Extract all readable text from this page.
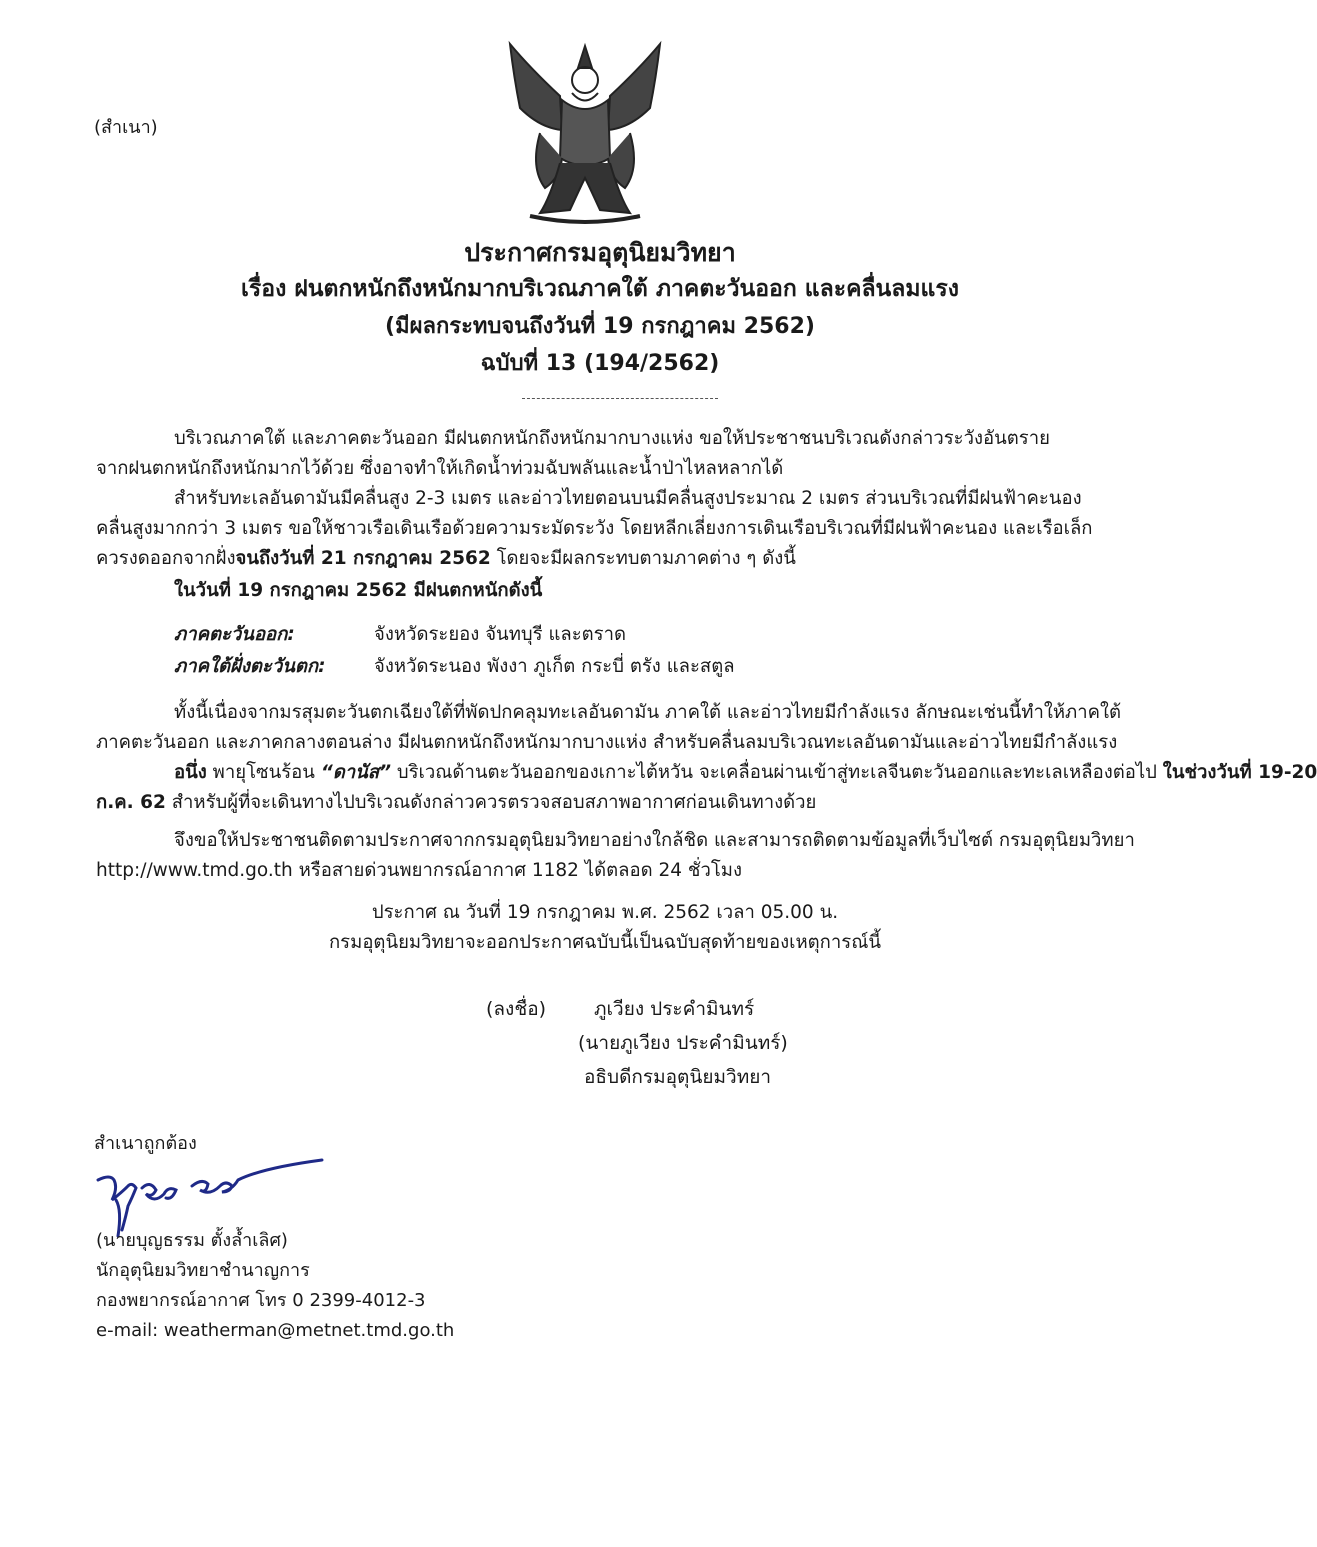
(สำเนา)
ประกาศกรมอุตุนิยมวิทยา
เรื่อง ฝนตกหนักถึงหนักมากบริเวณภาคใต้ ภาคตะวันออก และคลื่นลมแรง
(มีผลกระทบจนถึงวันที่ 19 กรกฎาคม 2562)
ฉบับที่ 13 (194/2562)
บริเวณภาคใต้ และภาคตะวันออก มีฝนตกหนักถึงหนักมากบางแห่ง ขอให้ประชาชนบริเวณดังกล่าวระวังอันตราย
จากฝนตกหนักถึงหนักมากไว้ด้วย ซึ่งอาจทำให้เกิดน้ำท่วมฉับพลันและน้ำป่าไหลหลากได้
สำหรับทะเลอันดามันมีคลื่นสูง 2-3 เมตร และอ่าวไทยตอนบนมีคลื่นสูงประมาณ 2 เมตร ส่วนบริเวณที่มีฝนฟ้าคะนอง
คลื่นสูงมากกว่า 3 เมตร ขอให้ชาวเรือเดินเรือด้วยความระมัดระวัง โดยหลีกเลี่ยงการเดินเรือบริเวณที่มีฝนฟ้าคะนอง และเรือเล็ก
ควรงดออกจากฝั่งจนถึงวันที่ 21 กรกฎาคม 2562 โดยจะมีผลกระทบตามภาคต่าง ๆ ดังนี้
ในวันที่ 19 กรกฎาคม 2562 มีฝนตกหนักดังนี้
ภาคตะวันออก:	จังหวัดระยอง จันทบุรี และตราด
ภาคใต้ฝั่งตะวันตก:	จังหวัดระนอง พังงา ภูเก็ต กระบี่ ตรัง และสตูล
ทั้งนี้เนื่องจากมรสุมตะวันตกเฉียงใต้ที่พัดปกคลุมทะเลอันดามัน ภาคใต้ และอ่าวไทยมีกำลังแรง ลักษณะเช่นนี้ทำให้ภาคใต้
ภาคตะวันออก และภาคกลางตอนล่าง มีฝนตกหนักถึงหนักมากบางแห่ง สำหรับคลื่นลมบริเวณทะเลอันดามันและอ่าวไทยมีกำลังแรง
อนึ่ง พายุโซนร้อน “ดานัส” บริเวณด้านตะวันออกของเกาะไต้หวัน จะเคลื่อนผ่านเข้าสู่ทะเลจีนตะวันออกและทะเลเหลืองต่อไป ในช่วงวันที่ 19-20
ก.ค. 62 สำหรับผู้ที่จะเดินทางไปบริเวณดังกล่าวควรตรวจสอบสภาพอากาศก่อนเดินทางด้วย
จึงขอให้ประชาชนติดตามประกาศจากกรมอุตุนิยมวิทยาอย่างใกล้ชิด และสามารถติดตามข้อมูลที่เว็บไซต์ กรมอุตุนิยมวิทยา
http://www.tmd.go.th หรือสายด่วนพยากรณ์อากาศ 1182 ได้ตลอด 24 ชั่วโมง
ประกาศ ณ วันที่ 19 กรกฎาคม พ.ศ. 2562 เวลา 05.00 น.
กรมอุตุนิยมวิทยาจะออกประกาศฉบับนี้เป็นฉบับสุดท้ายของเหตุการณ์นี้
(ลงชื่อ)	ภูเวียง ประคำมินทร์
(นายภูเวียง ประคำมินทร์)
อธิบดีกรมอุตุนิยมวิทยา
สำเนาถูกต้อง
(นายบุญธรรม ตั้งล้ำเลิศ)
นักอุตุนิยมวิทยาชำนาญการ
กองพยากรณ์อากาศ โทร 0 2399-4012-3
e-mail: weatherman@metnet.tmd.go.th
